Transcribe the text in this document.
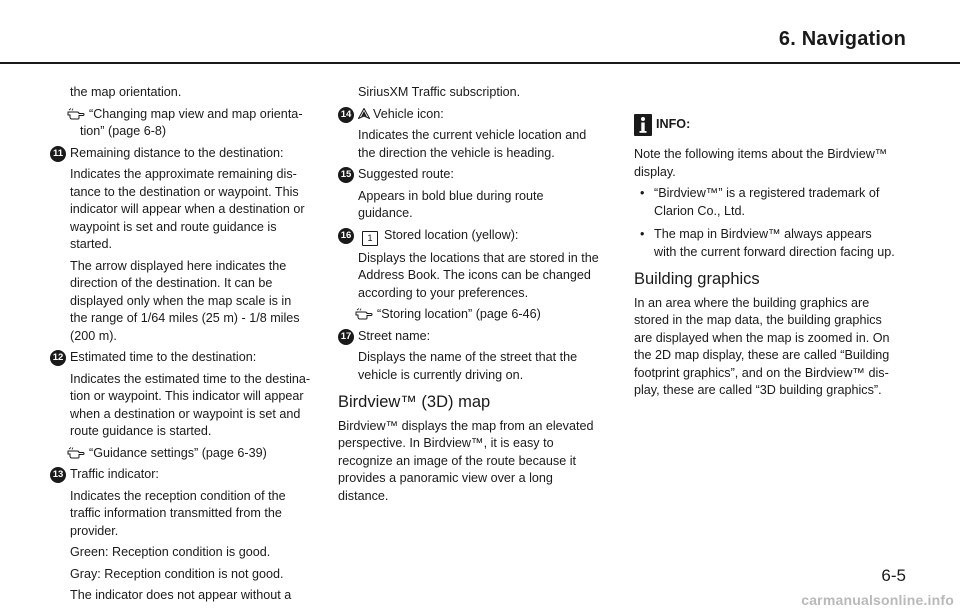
6. Navigation

the map orientation.

“Changing map view and map orienta-tion” (page 6-8)

11 Remaining distance to the destination:

Indicates the approximate remaining dis-tance to the destination or waypoint. This indicator will appear when a destination or waypoint is set and route guidance is started.

The arrow displayed here indicates the direction of the destination. It can be displayed only when the map scale is in the range of 1/64 miles (25 m) - 1/8 miles (200 m).

12 Estimated time to the destination:

Indicates the estimated time to the destina-tion or waypoint. This indicator will appear when a destination or waypoint is set and route guidance is started.

“Guidance settings” (page 6-39)

13 Traffic indicator:

Indicates the reception condition of the traffic information transmitted from the provider.

Green: Reception condition is good.

Gray: Reception condition is not good.

The indicator does not appear without a

SiriusXM Traffic subscription.

14	Vehicle icon:

Indicates the current vehicle location and the direction the vehicle is heading.

15 Suggested route:

Appears in bold blue during route guidance.

16	1 Stored location (yellow):

Displays the locations that are stored in the Address Book. The icons can be changed according to your preferences.

“Storing location” (page 6-46)

17 Street name:

Displays the name of the street that the vehicle is currently driving on.

Birdview™ (3D) map

Birdview™ displays the map from an elevated perspective. In Birdview™, it is easy to recognize an image of the route because it provides a panoramic view over a long distance.

INFO:

Note the following items about the Birdview™ display.

• “Birdview™” is a registered trademark of Clarion Co., Ltd.
• The map in Birdview™ always appears with the current forward direction facing up.
Building graphics

In an area where the building graphics are stored in the map data, the building graphics are displayed when the map is zoomed in. On the 2D map display, these are called “Building footprint graphics”, and on the Birdview™ dis-play, these are called “3D building graphics”.

6-5
carmanualsonline.info
